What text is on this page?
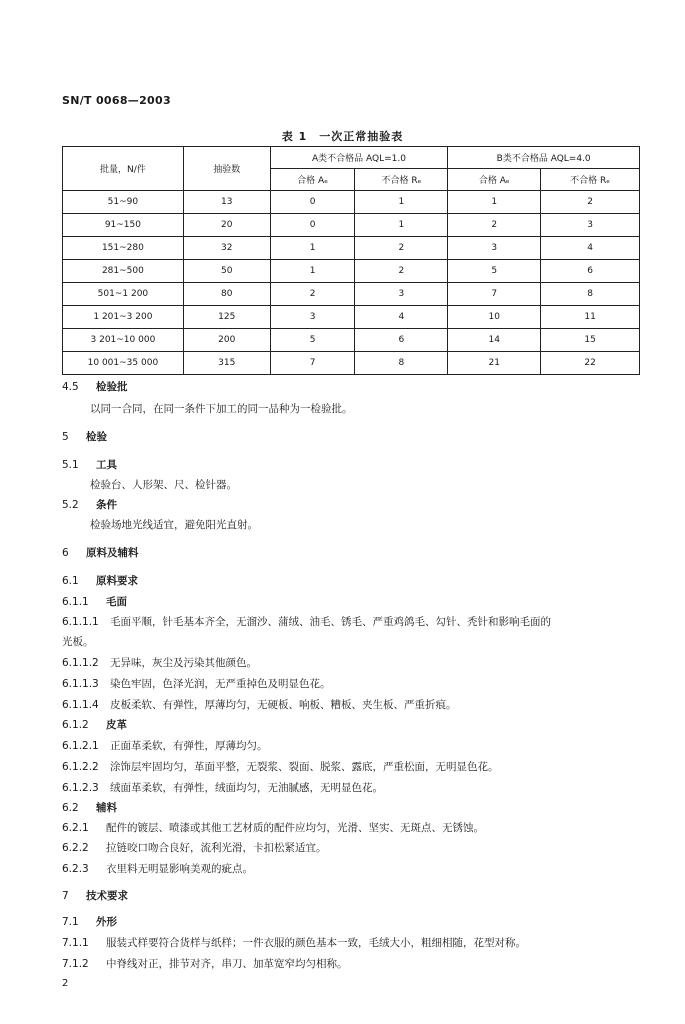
SN/T 0068—2003
表 1　一次正常抽验表
批量，N/件	抽验数	A类不合格品 AQL=1.0		B类不合格品 AQL=4.0	
		合格 Aₑ	不合格 Rₑ	合格 Aₑ	不合格 Rₑ
51~90	13	0	1	1	2
91~150	20	0	1	2	3
151~280	32	1	2	3	4
281~500	50	1	2	5	6
501~1 200	80	2	3	7	8
1 201~3 200	125	3	4	10	11
3 201~10 000	200	5	6	14	15
10 001~35 000	315	7	8	21	22
4.5 检验批
以同一合同，在同一条件下加工的同一品种为一检验批。
5 检验
5.1 工具
检验台、人形架、尺、检针器。
5.2 条件
检验场地光线适宜，避免阳光直射。
6 原料及辅料
6.1 原料要求
6.1.1 毛面
6.1.1.1 毛面平顺，针毛基本齐全，无溜沙、蒲绒、油毛、锈毛、严重鸡鸽毛、勾针、秃针和影响毛面的
光板。
6.1.1.2 无异味，灰尘及污染其他颜色。
6.1.1.3 染色牢固，色泽光润，无严重掉色及明显色花。
6.1.1.4 皮板柔软、有弹性，厚薄均匀，无硬板、响板、糟板、夹生板、严重折痕。
6.1.2 皮革
6.1.2.1 正面革柔软，有弹性，厚薄均匀。
6.1.2.2 涂饰层牢固均匀，革面平整，无裂浆、裂面、脱浆、露底，严重松面，无明显色花。
6.1.2.3 绒面革柔软，有弹性，绒面均匀，无油腻感，无明显色花。
6.2 辅料
6.2.1 配件的镀层、喷漆或其他工艺材质的配件应均匀，光滑、坚实、无斑点、无锈蚀。
6.2.2 拉链咬口吻合良好，流利光滑，卡扣松紧适宜。
6.2.3 衣里料无明显影响美观的疵点。
7 技术要求
7.1 外形
7.1.1 服装式样要符合货样与纸样；一件衣服的颜色基本一致，毛绒大小，粗细相随，花型对称。
7.1.2 中脊线对正，排节对齐，串刀、加革宽窄均匀相称。
2
